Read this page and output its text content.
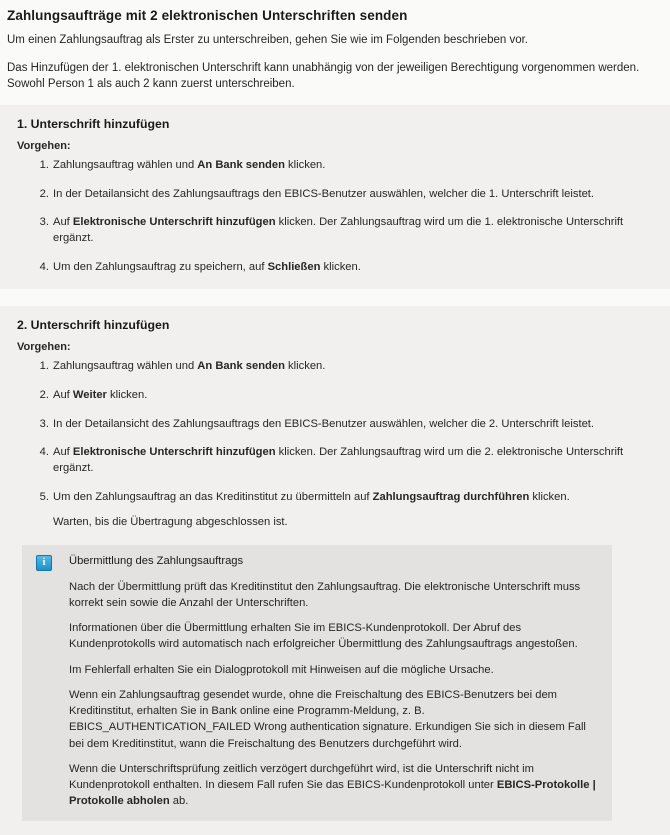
Zahlungsaufträge mit 2 elektronischen Unterschriften senden

Um einen Zahlungsauftrag als Erster zu unterschreiben, gehen Sie wie im Folgenden beschrieben vor.

Das Hinzufügen der 1. elektronischen Unterschrift kann unabhängig von der jeweiligen Berechtigung vorgenommen werden. Sowohl Person 1 als auch 2 kann zuerst unterschreiben.

1. Unterschrift hinzufügen
Vorgehen:
Zahlungsauftrag wählen und An Bank senden klicken.
In der Detailansicht des Zahlungsauftrags den EBICS-Benutzer auswählen, welcher die 1. Unterschrift leistet.
Auf Elektronische Unterschrift hinzufügen klicken. Der Zahlungsauftrag wird um die 1. elektronische Unterschrift ergänzt.
Um den Zahlungsauftrag zu speichern, auf Schließen klicken.
2. Unterschrift hinzufügen
Vorgehen:
Zahlungsauftrag wählen und An Bank senden klicken.
Auf Weiter klicken.
In der Detailansicht des Zahlungsauftrags den EBICS-Benutzer auswählen, welcher die 2. Unterschrift leistet.
Auf Elektronische Unterschrift hinzufügen klicken. Der Zahlungsauftrag wird um die 2. elektronische Unterschrift ergänzt.
Um den Zahlungsauftrag an das Kreditinstitut zu übermitteln auf Zahlungsauftrag durchführen klicken.
Warten, bis die Übertragung abgeschlossen ist.
i	Übermittlung des Zahlungsauftrags
Nach der Übermittlung prüft das Kreditinstitut den Zahlungsauftrag. Die elektronische Unterschrift muss korrekt sein sowie die Anzahl der Unterschriften.
Informationen über die Übermittlung erhalten Sie im EBICS-Kundenprotokoll. Der Abruf des Kundenprotokolls wird automatisch nach erfolgreicher Übermittlung des Zahlungsauftrags angestoßen.
Im Fehlerfall erhalten Sie ein Dialogprotokoll mit Hinweisen auf die mögliche Ursache.
Wenn ein Zahlungsauftrag gesendet wurde, ohne die Freischaltung des EBICS-Benutzers bei dem Kreditinstitut, erhalten Sie in Bank online eine Programm-Meldung, z. B. EBICS_AUTHENTICATION_FAILED Wrong authentication signature. Erkundigen Sie sich in diesem Fall bei dem Kreditinstitut, wann die Freischaltung des Benutzers durchgeführt wird.
Wenn die Unterschriftsprüfung zeitlich verzögert durchgeführt wird, ist die Unterschrift nicht im Kundenprotokoll enthalten. In diesem Fall rufen Sie das EBICS-Kundenprotokoll unter EBICS-Protokolle | Protokolle abholen ab.
